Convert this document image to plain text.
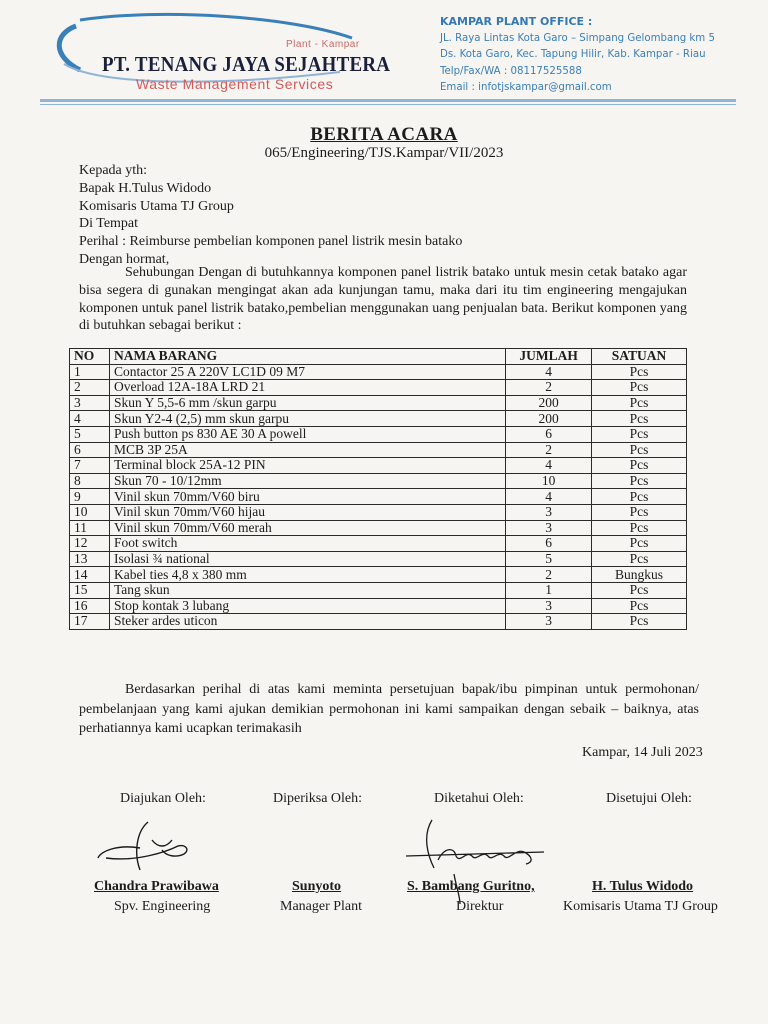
Plant - Kampar
PT. TENANG JAYA SEJAHTERA
Waste Management Services
KAMPAR PLANT OFFICE :
JL. Raya Lintas Kota Garo – Simpang Gelombang km 5
Ds. Kota Garo, Kec. Tapung Hilir, Kab. Kampar - Riau
Telp/Fax/WA : 08117525588
Email : infotjskampar@gmail.com
BERITA ACARA
065/Engineering/TJS.Kampar/VII/2023
Kepada yth:
Bapak H.Tulus Widodo
Komisaris Utama TJ Group
Di Tempat
Perihal : Reimburse pembelian komponen panel listrik mesin batako
Dengan hormat,
Sehubungan Dengan di butuhkannya komponen panel listrik batako untuk mesin cetak batako agar bisa segera di gunakan mengingat akan ada kunjungan tamu, maka dari itu tim engineering mengajukan komponen untuk panel listrik batako,pembelian menggunakan uang penjualan bata. Berikut komponen yang di butuhkan sebagai berikut :
NO	NAMA BARANG	JUMLAH	SATUAN
1	Contactor 25 A 220V LC1D 09 M7	4	Pcs
2	Overload 12A-18A LRD 21	2	Pcs
3	Skun Y 5,5-6 mm /skun garpu	200	Pcs
4	Skun Y2-4 (2,5) mm skun garpu	200	Pcs
5	Push button ps 830 AE 30 A powell	6	Pcs
6	MCB 3P 25A	2	Pcs
7	Terminal block 25A-12 PIN	4	Pcs
8	Skun 70 - 10/12mm	10	Pcs
9	Vinil skun 70mm/V60 biru	4	Pcs
10	Vinil skun 70mm/V60 hijau	3	Pcs
11	Vinil skun 70mm/V60 merah	3	Pcs
12	Foot switch	6	Pcs
13	Isolasi ¾ national	5	Pcs
14	Kabel ties 4,8 x 380 mm	2	Bungkus
15	Tang skun	1	Pcs
16	Stop kontak 3 lubang	3	Pcs
17	Steker ardes uticon	3	Pcs
Berdasarkan perihal di atas kami meminta persetujuan bapak/ibu pimpinan untuk permohonan/ pembelanjaan yang kami ajukan demikian permohonan ini kami sampaikan dengan sebaik – baiknya, atas perhatiannya kami ucapkan terimakasih
Kampar, 14 Juli 2023
Diajukan Oleh:	Diperiksa Oleh:	Diketahui Oleh:	Disetujui Oleh:
Chandra Prawibawa	Sunyoto	S. Bambang Guritno,	H. Tulus Widodo
Spv. Engineering	Manager Plant	Direktur	Komisaris Utama TJ Group
